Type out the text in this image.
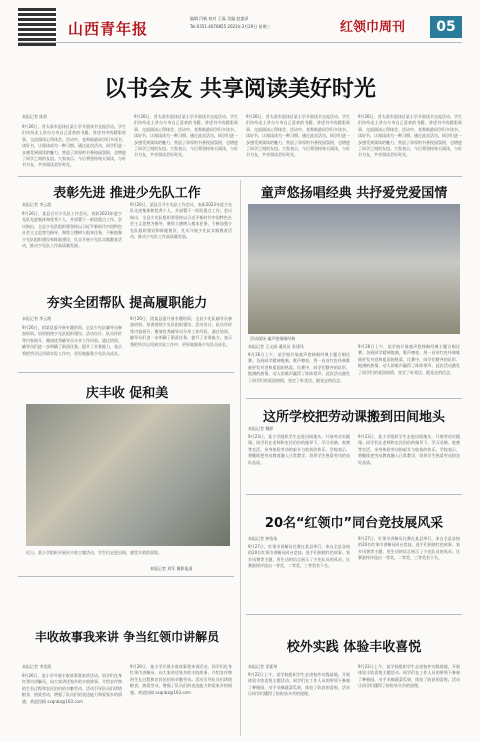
山西青年报
编辑 闫帆 校对 王磊 美编 赵盛泽
Tel:0351-4076855 2023年3月29日 星期三	红领巾周刊	05
以书会友 共享阅读美好时光
本报记者 陈彩
9月26日，晋太原市迎泽区某小学开展读书交流活动。学生们纷纷走上讲台分享自己喜欢的书籍，讲述书中的精彩故事，交流阅读心得体会。活动中，老师鼓励同学们多读书、读好书，让阅读成为一种习惯。通过此次活动，同学们进一步感受到阅读的魅力，营造了浓厚的书香校园氛围，也增进了同学之间的友谊。大家表示，今后将坚持每天阅读，与好书为友，共享阅读美好时光。
9月26日，晋太原市迎泽区某小学开展读书交流活动。学生们纷纷走上讲台分享自己喜欢的书籍，讲述书中的精彩故事，交流阅读心得体会。活动中，老师鼓励同学们多读书、读好书，让阅读成为一种习惯。通过此次活动，同学们进一步感受到阅读的魅力，营造了浓厚的书香校园氛围，也增进了同学之间的友谊。大家表示，今后将坚持每天阅读，与好书为友，共享阅读美好时光。
9月26日，晋太原市迎泽区某小学开展读书交流活动。学生们纷纷走上讲台分享自己喜欢的书籍，讲述书中的精彩故事，交流阅读心得体会。活动中，老师鼓励同学们多读书、读好书，让阅读成为一种习惯。通过此次活动，同学们进一步感受到阅读的魅力，营造了浓厚的书香校园氛围，也增进了同学之间的友谊。大家表示，今后将坚持每天阅读，与好书为友，共享阅读美好时光。
9月26日，晋太原市迎泽区某小学开展读书交流活动。学生们纷纷走上讲台分享自己喜欢的书籍，讲述书中的精彩故事，交流阅读心得体会。活动中，老师鼓励同学们多读书、读好书，让阅读成为一种习惯。通过此次活动，同学们进一步感受到阅读的魅力，营造了浓厚的书香校园氛围，也增进了同学之间的友谊。大家表示，今后将坚持每天阅读，与好书为友，共享阅读美好时光。
表彰先进 推进少先队工作
本报记者 李云霞
9月26日，某县召开少先队工作会议，表彰2023年度少先队先进集体和优秀个人，并部署下一阶段重点工作。会议指出，全县少先队组织要坚持以习近平新时代中国特色社会主义思想为指导，聚焦立德树人根本任务，不断加强少先队组织建设和阵地建设，扎实开展少先队实践教育活动，推动少先队工作高质量发展。
9月26日，某县召开少先队工作会议，表彰2023年度少先队先进集体和优秀个人，并部署下一阶段重点工作。会议指出，全县少先队组织要坚持以习近平新时代中国特色社会主义思想为指导，聚焦立德树人根本任务，不断加强少先队组织建设和阵地建设，扎实开展少先队实践教育活动，推动少先队工作高质量发展。
夯实全团帮队 提高履职能力
本报记者 李云霞
9月26日，团某县委开展专题培训，全县少先队辅导员参加培训。培训围绕少先队组织建设、活动设计、队员评价等内容展开，邀请优秀辅导员分享工作经验。通过培训，辅导员们进一步明确了职责任务，提升了业务能力，表示将把所学运用到实际工作中，更好地服务少先队员成长。
9月26日，团某县委开展专题培训，全县少先队辅导员参加培训。培训围绕少先队组织建设、活动设计、队员评价等内容展开，邀请优秀辅导员分享工作经验。通过培训，辅导员们进一步明确了职责任务，提升了业务能力，表示将把所学运用到实际工作中，更好地服务少先队员成长。
庆丰收 促和美
近日，某小学组织开展庆丰收主题活动，学生们走进田间，感受丰收的喜悦。
本报记者 刘军 摄影报道
丰收故事我来讲 争当红领巾讲解员
本报记者 李美霞
9月26日，某小学开展丰收故事我来讲活动。同学们化身红领巾讲解员，向大家讲述家乡的丰收故事，介绍农作物的生长过程和农民伯伯的辛勤劳动。活动引导队员们珍惜粮食、热爱劳动，增强了队员们的表达能力和爱家乡的情感。欢迎投稿 sxqnbz@163.com
9月26日，某小学开展丰收故事我来讲活动。同学们化身红领巾讲解员，向大家讲述家乡的丰收故事，介绍农作物的生长过程和农民伯伯的辛勤劳动。活动引导队员们珍惜粮食、热爱劳动，增强了队员们的表达能力和爱家乡的情感。欢迎投稿 sxqnbz@163.com
童声悠扬唱经典 共抒爱党爱国情
活动现场 童声悠扬唱经典
本报记者 王文丽 通讯员 张建凤
9月26日上午，某学校开展童声悠扬唱经典主题合唱比赛。各班同学精神饱满，歌声嘹亮，用一首首红色经典歌曲抒发对党和祖国的热爱。比赛中，同学们整齐的队形、饱满的热情、动人的歌声赢得了阵阵掌声。此次活动激发了同学们的爱国热情，坚定了听党话、跟党走的信念。
9月26日上午，某学校开展童声悠扬唱经典主题合唱比赛。各班同学精神饱满，歌声嘹亮，用一首首红色经典歌曲抒发对党和祖国的热爱。比赛中，同学们整齐的队形、饱满的热情、动人的歌声赢得了阵阵掌声。此次活动激发了同学们的爱国热情，坚定了听党话、跟党走的信念。
这所学校把劳动课搬到田间地头
本报记者 魏源
9月23日，某小学组织学生走进田间地头，开展劳动实践课。同学们在老师和农民伯伯的指导下，学习采摘、收割等农活，亲身体验劳动的艰辛与收获的快乐。学校表示，将继续把劳动教育融入日常教学，培养学生热爱劳动的良好品质。
9月23日，某小学组织学生走进田间地头，开展劳动实践课。同学们在老师和农民伯伯的指导下，学习采摘、收割等农活，亲身体验劳动的艰辛与收获的快乐。学校表示，将继续把劳动教育融入日常教学，培养学生热爱劳动的良好品质。
20名“红领巾”同台竞技展风采
本报记者 钟依依
9月27日，红领巾讲解员比赛在某县举行，来自全县各校的20名红领巾讲解员同台竞技。选手们围绕红色故事、家乡风貌等主题，用生动的语言展示了少先队员的风采。比赛最终评选出一等奖、二等奖、三等奖若干名。
9月27日，红领巾讲解员比赛在某县举行，来自全县各校的20名红领巾讲解员同台竞技。选手们围绕红色故事、家乡风貌等主题，用生动的语言展示了少先队员的风采。比赛最终评选出一等奖、二等奖、三等奖若干名。
校外实践 体验丰收喜悦
本报记者 雷素琴
9月22日上午，某学校组织学生走进校外实践基地，开展体验丰收喜悦主题活动。同学们在工作人员的带领下参观了种植园，动手采摘蔬菜瓜果，体验了收获的喜悦。活动让同学们懂得了粒粒皆辛苦的道理。
9月22日上午，某学校组织学生走进校外实践基地，开展体验丰收喜悦主题活动。同学们在工作人员的带领下参观了种植园，动手采摘蔬菜瓜果，体验了收获的喜悦。活动让同学们懂得了粒粒皆辛苦的道理。
